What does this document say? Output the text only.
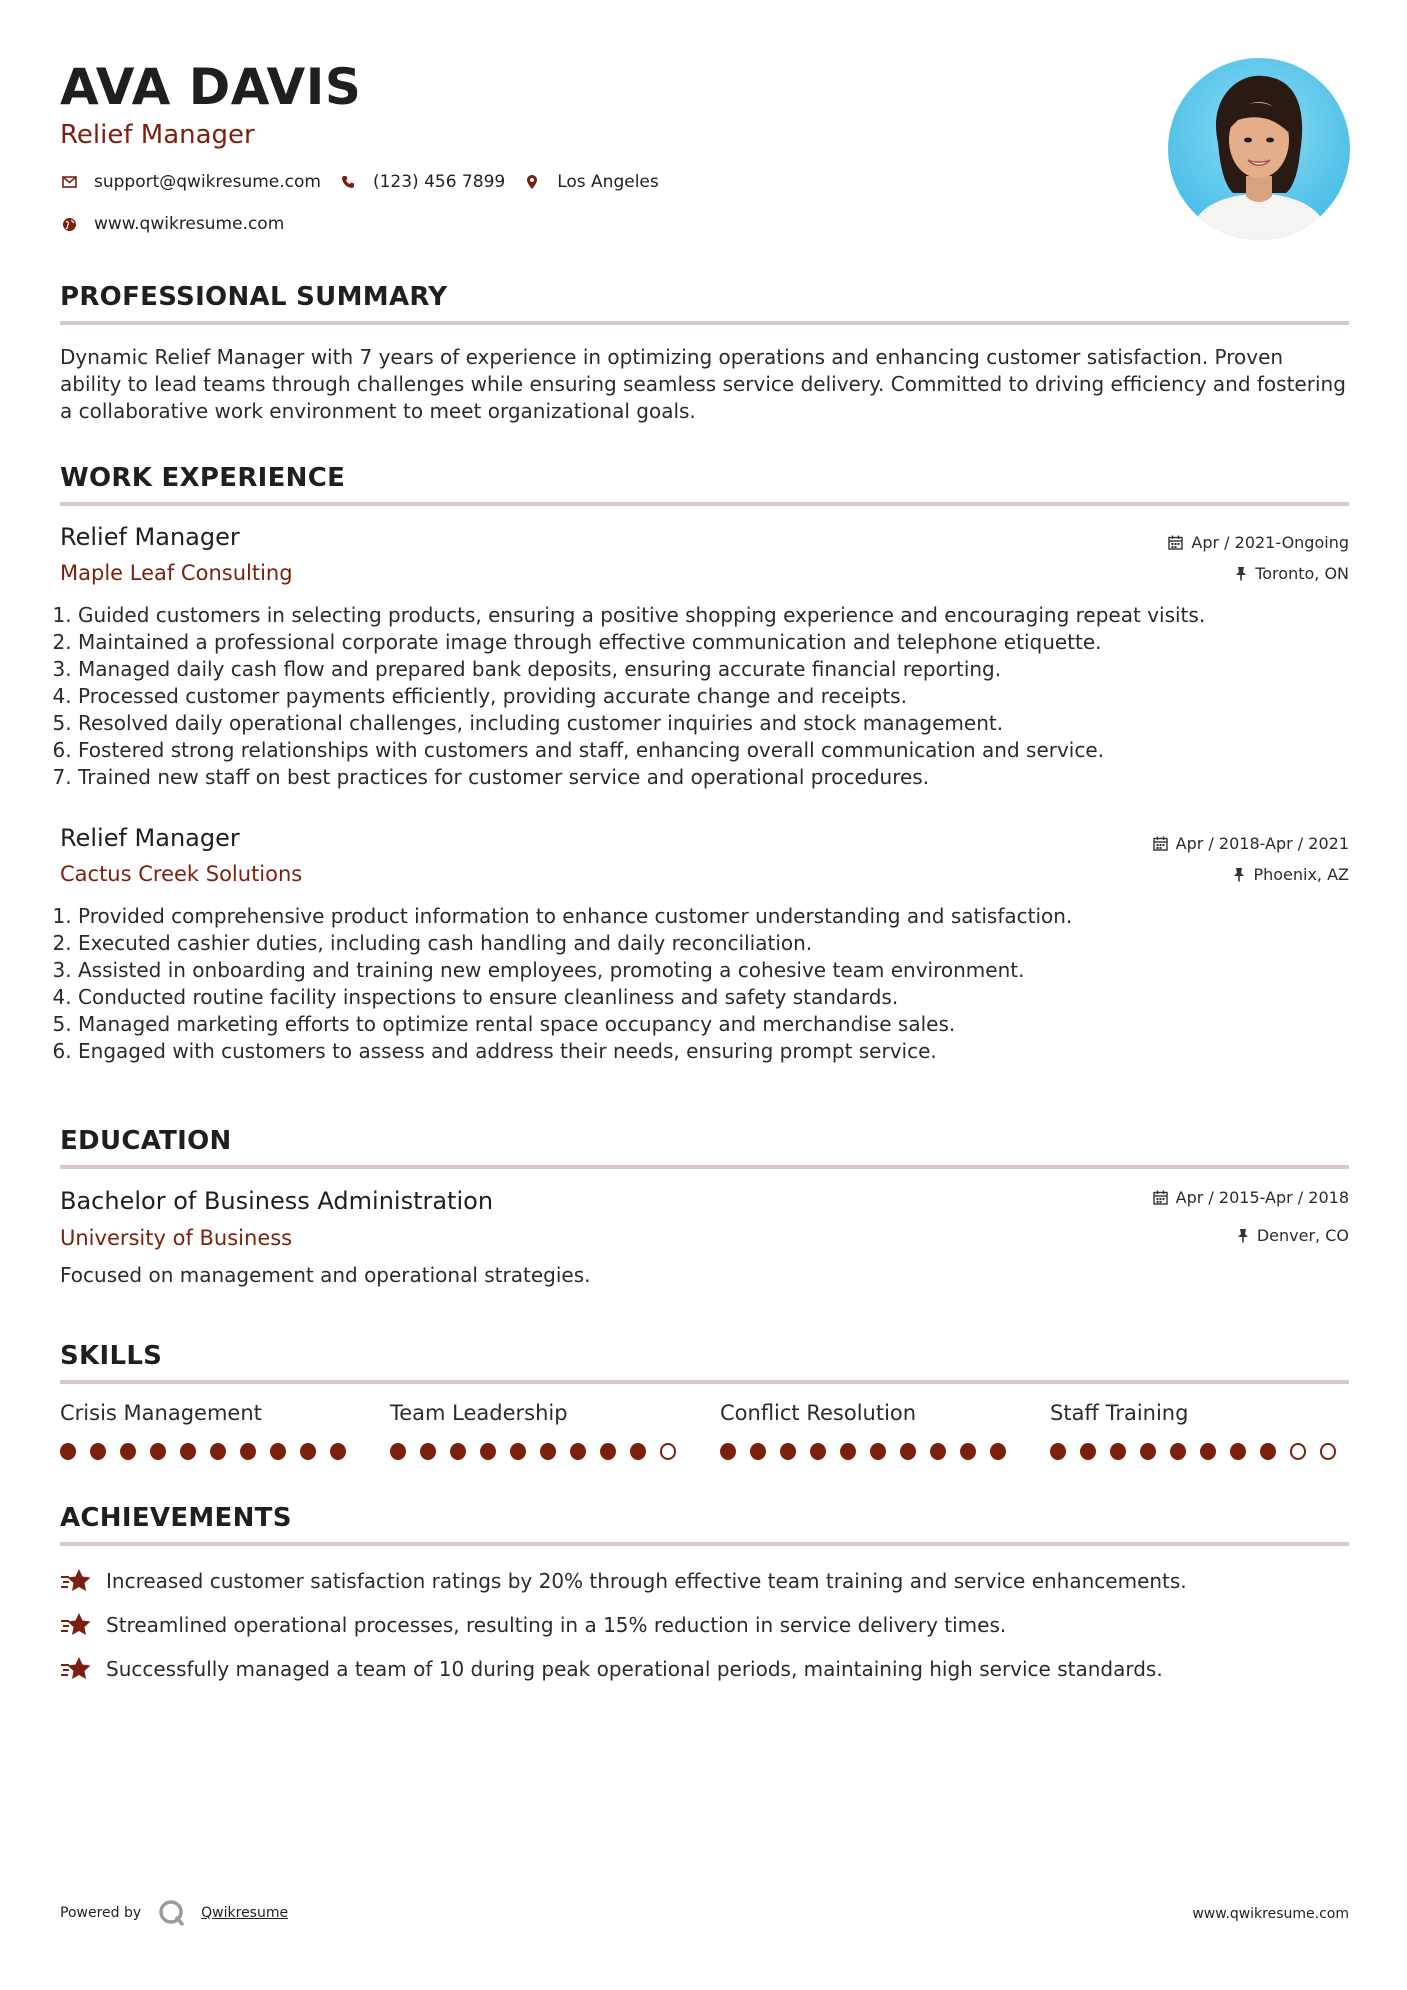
AVA DAVIS
Relief Manager
support@qwikresume.com	(123) 456 7899	Los Angeles
www.qwikresume.com
PROFESSIONAL SUMMARY
Dynamic Relief Manager with 7 years of experience in optimizing operations and enhancing customer satisfaction. Proven ability to lead teams through challenges while ensuring seamless service delivery. Committed to driving efficiency and fostering a collaborative work environment to meet organizational goals.
WORK EXPERIENCE
Relief Manager
Maple Leaf Consulting
Apr / 2021-Ongoing
Toronto, ON
1. Guided customers in selecting products, ensuring a positive shopping experience and encouraging repeat visits.
2. Maintained a professional corporate image through effective communication and telephone etiquette.
3. Managed daily cash flow and prepared bank deposits, ensuring accurate financial reporting.
4. Processed customer payments efficiently, providing accurate change and receipts.
5. Resolved daily operational challenges, including customer inquiries and stock management.
6. Fostered strong relationships with customers and staff, enhancing overall communication and service.
7. Trained new staff on best practices for customer service and operational procedures.
Relief Manager
Cactus Creek Solutions
Apr / 2018-Apr / 2021
Phoenix, AZ
1. Provided comprehensive product information to enhance customer understanding and satisfaction.
2. Executed cashier duties, including cash handling and daily reconciliation.
3. Assisted in onboarding and training new employees, promoting a cohesive team environment.
4. Conducted routine facility inspections to ensure cleanliness and safety standards.
5. Managed marketing efforts to optimize rental space occupancy and merchandise sales.
6. Engaged with customers to assess and address their needs, ensuring prompt service.
EDUCATION
Bachelor of Business Administration
University of Business
Apr / 2015-Apr / 2018
Denver, CO
Focused on management and operational strategies.
SKILLS
Crisis Management	Team Leadership	Conflict Resolution	Staff Training
ACHIEVEMENTS
Increased customer satisfaction ratings by 20% through effective team training and service enhancements.
Streamlined operational processes, resulting in a 15% reduction in service delivery times.
Successfully managed a team of 10 during peak operational periods, maintaining high service standards.
Powered by	Qwikresume	www.qwikresume.com
